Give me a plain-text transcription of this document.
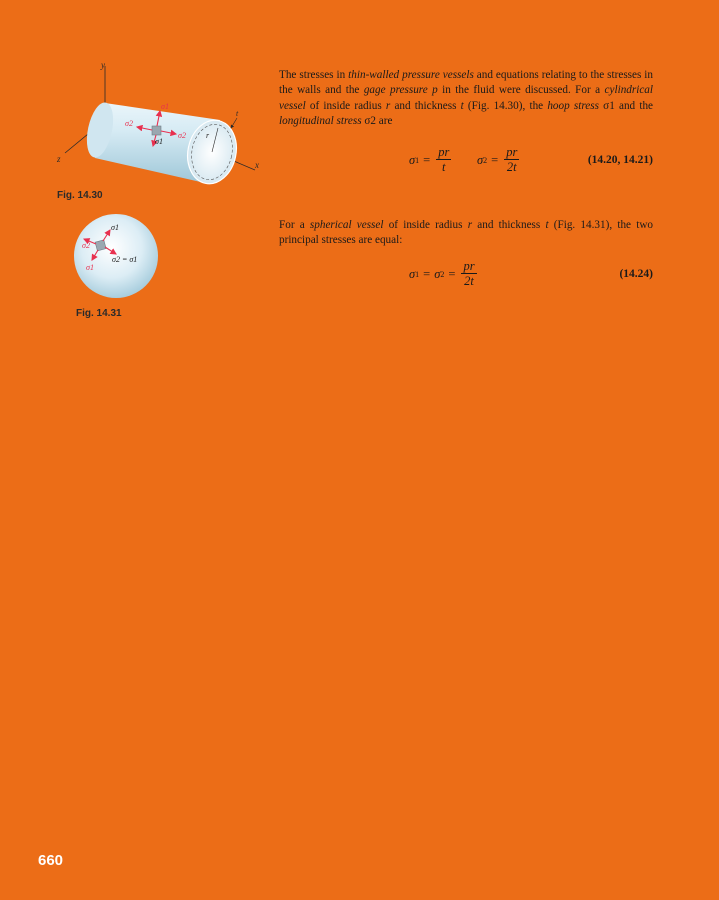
y
z
x
r
t
σ1
σ1
σ2
σ2
Fig. 14.30
σ1
σ2
σ1
σ2 = σ1
Fig. 14.31

The stresses in thin-walled pressure vessels and equations relating to the stresses in the walls and the gage pressure p in the fluid were discussed. For a cylindrical vessel of inside radius r and thickness t (Fig. 14.30), the hoop stress σ1 and the longitudinal stress σ2 are

σ $1 = \frac{pr}{t}$ σ $2 = \frac{pr}{2t}$	(14.20, 14.21)

For a spherical vessel of inside radius r and thickness t (Fig. 14.31), the two principal stresses are equal:

σ 1 = σ $2 = \frac{pr}{2t}$	(14.24)
660
